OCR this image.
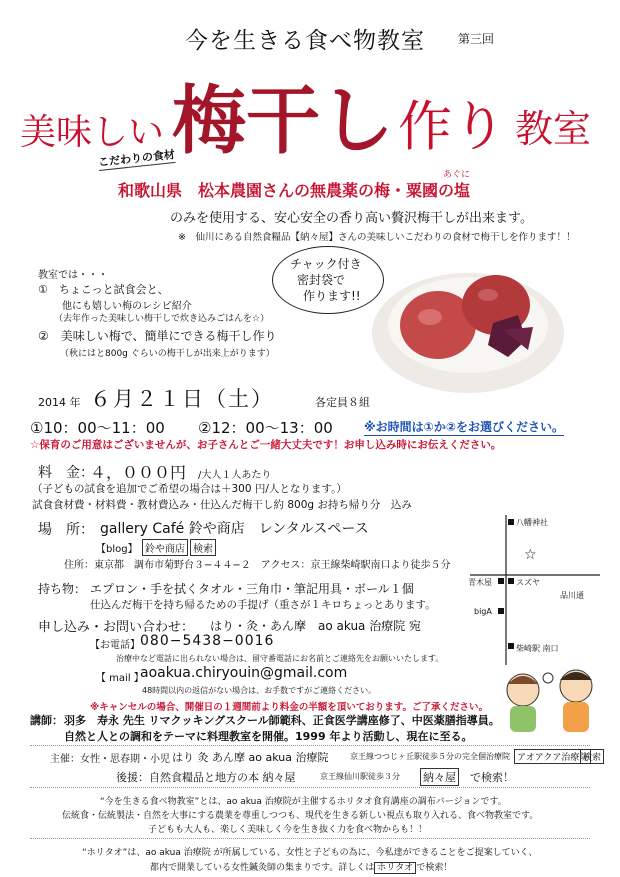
今を生きる食べ物教室	第三回
美味しい 梅干し 作り 教室
こだわりの食材
あぐに
和歌山県　松本農園さんの無農薬の梅・粟國の塩
のみを使用する、安心安全の香り高い贅沢梅干しが出来ます。
※　仙川にある自然食糧品【納々屋】さんの美味しいこだわりの食材で梅干しを作ります！！
教室では・・・
①　ちょこっと試食会と、
他にも嬉しい梅のレシピ紹介
（去年作った美味しい梅干しで炊き込みごはんを☆）
②　美味しい梅で、簡単にできる梅干し作り
（秋にはと800g ぐらいの梅干しが出来上がります）
チャック付き
密封袋で
作ります!!
2014 年 ６月２１日（土）	各定員８組
①10：00〜11：00 ②12：00〜13：00	※お時間は①か②をお選びください。
☆保育のご用意はございませんが、お子さんとご一緒大丈夫です！お申し込み時にお伝えください。
料　金：
４，０００円 /大人１人あたり
（子どもの試食を追加でご希望の場合は＋300 円/人となります。）
試食食材費・材料費・教材費込み・仕込んだ梅干し約 800g お持ち帰り分　込み
場　所： gallery Café 鈴や商店　レンタルスペース
【blog】 鈴や商店 検索
住所：東京都　調布市菊野台３−４４−２　アクセス：京王線柴崎駅南口より徒歩５分
持ち物： エプロン・手を拭くタオル・三角巾・筆記用具・ボール１個
仕込んだ梅干を持ち帰るための手提げ（重さが１キロちょっとあります。
申し込み・お問い合わせ： はり・灸・あん摩　ao akua 治療院 宛
【お電話】 080−5438−0016
治療中など電話に出られない場合は、留守番電話にお名前とご連絡先をお願いいたします。
【 mail 】
aoakua.chiryouin@gmail.com
48時間以内の返信がない場合は、お手数ですがご連絡ください。
※キャンセルの場合、開催日の１週間前より料金の半額を頂いております。ご了承ください。
☆
八幡神社
青木屋	スズヤ
品川通
bigA
柴崎駅 南口
講師： 羽多　寿永 先生 リマクッキングスクール師範科、正食医学講座修了、中医薬膳指導員。
自然と人との調和をテーマに料理教室を開催。1999 年より活動し、現在に至る。
主催：女性・思春期・小児 はり 灸 あん摩 ao akua 治療院	京王線つつじヶ丘駅徒歩５分の完全個治療院 アオアクア治療院
検索
後援：自然食糧品と地方の本 納々屋	京王線仙川駅徒歩３分 納々屋 で検索！
“今を生きる食べ物教室”とは、ao akua 治療院が主催するホリタオ食育講座の調布バージョンです。
伝統食・伝統製法・自然を大事にする農業を尊重しつつも、現代を生きる新しい視点も取り入れる、食べ物教室です。
子どもも大人も、楽しく美味しく今を生き抜く力を食べ物からも！！
“ホリタオ”は、ao akua 治療院 が所属している、女性と子どもの為に、今私達ができることをご提案していく、
都内で開業している女性鍼灸師の集まりです。詳しくは ホリタオ で検索！
